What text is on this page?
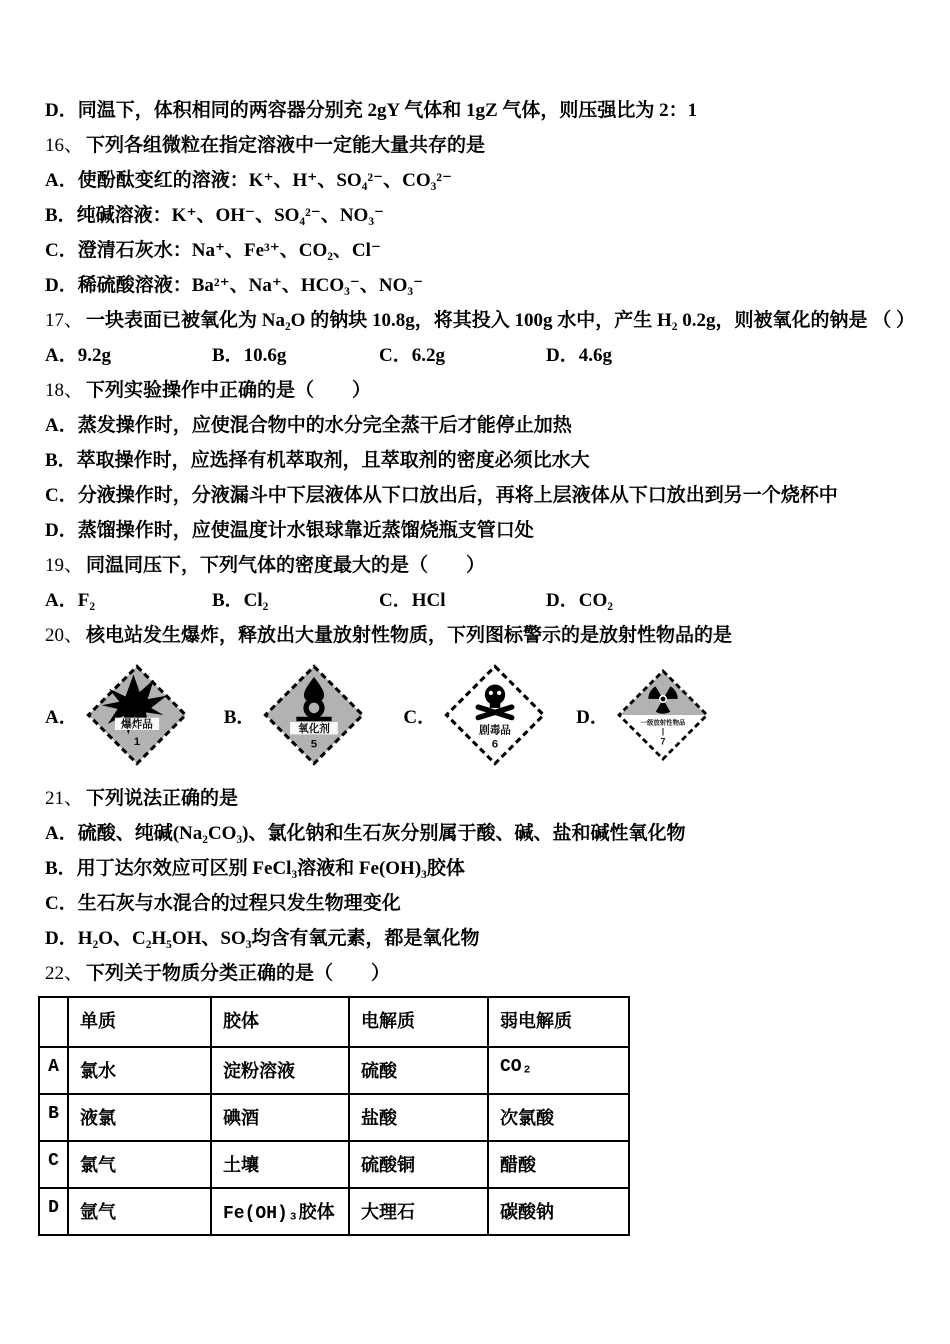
D．同温下，体积相同的两容器分别充 2gY 气体和 1gZ 气体，则压强比为 2：1
16、 下列各组微粒在指定溶液中一定能大量共存的是
A．使酚酞变红的溶液：K⁺、H⁺、SO₄²⁻、CO₃²⁻
B．纯碱溶液：K⁺、OH⁻、SO₄²⁻、NO₃⁻
C．澄清石灰水：Na⁺、Fe³⁺、CO₂、Cl⁻
D．稀硫酸溶液：Ba²⁺、Na⁺、HCO₃⁻、NO₃⁻
17、 一块表面已被氧化为 Na₂O 的钠块 10.8g，将其投入 100g 水中，产生 H₂ 0.2g，则被氧化的钠是 （ ）
A．9.2g	B．10.6g	C．6.2g	D．4.6g
18、 下列实验操作中正确的是（　　）
A．蒸发操作时，应使混合物中的水分完全蒸干后才能停止加热
B．萃取操作时，应选择有机萃取剂，且萃取剂的密度必须比水大
C．分液操作时，分液漏斗中下层液体从下口放出后，再将上层液体从下口放出到另一个烧杯中
D．蒸馏操作时，应使温度计水银球靠近蒸馏烧瓶支管口处
19、 同温同压下，下列气体的密度最大的是（　　）
A．F₂	B．Cl₂	C．HCl	D．CO₂
20、 核电站发生爆炸，释放出大量放射性物质，下列图标警示的是放射性物品的是
A．	爆炸品
1
B．
氧化剂
5
C．
剧毒品
6
D．	一级放射性物品
|
7
21、 下列说法正确的是
A．硫酸、纯碱(Na₂CO₃)、氯化钠和生石灰分别属于酸、碱、盐和碱性氧化物
B．用丁达尔效应可区别 FeCl₃溶液和 Fe(OH)₃胶体
C．生石灰与水混合的过程只发生物理变化
D．H₂O、C₂H₅OH、SO₃均含有氧元素，都是氧化物
22、 下列关于物质分类正确的是（　　）
	单质	胶体	电解质	弱电解质
A	氯水	淀粉溶液	硫酸	CO₂
B	液氯	碘酒	盐酸	次氯酸
C	氯气	土壤	硫酸铜	醋酸
D	氩气	Fe(OH)₃胶体	大理石	碳酸钠
